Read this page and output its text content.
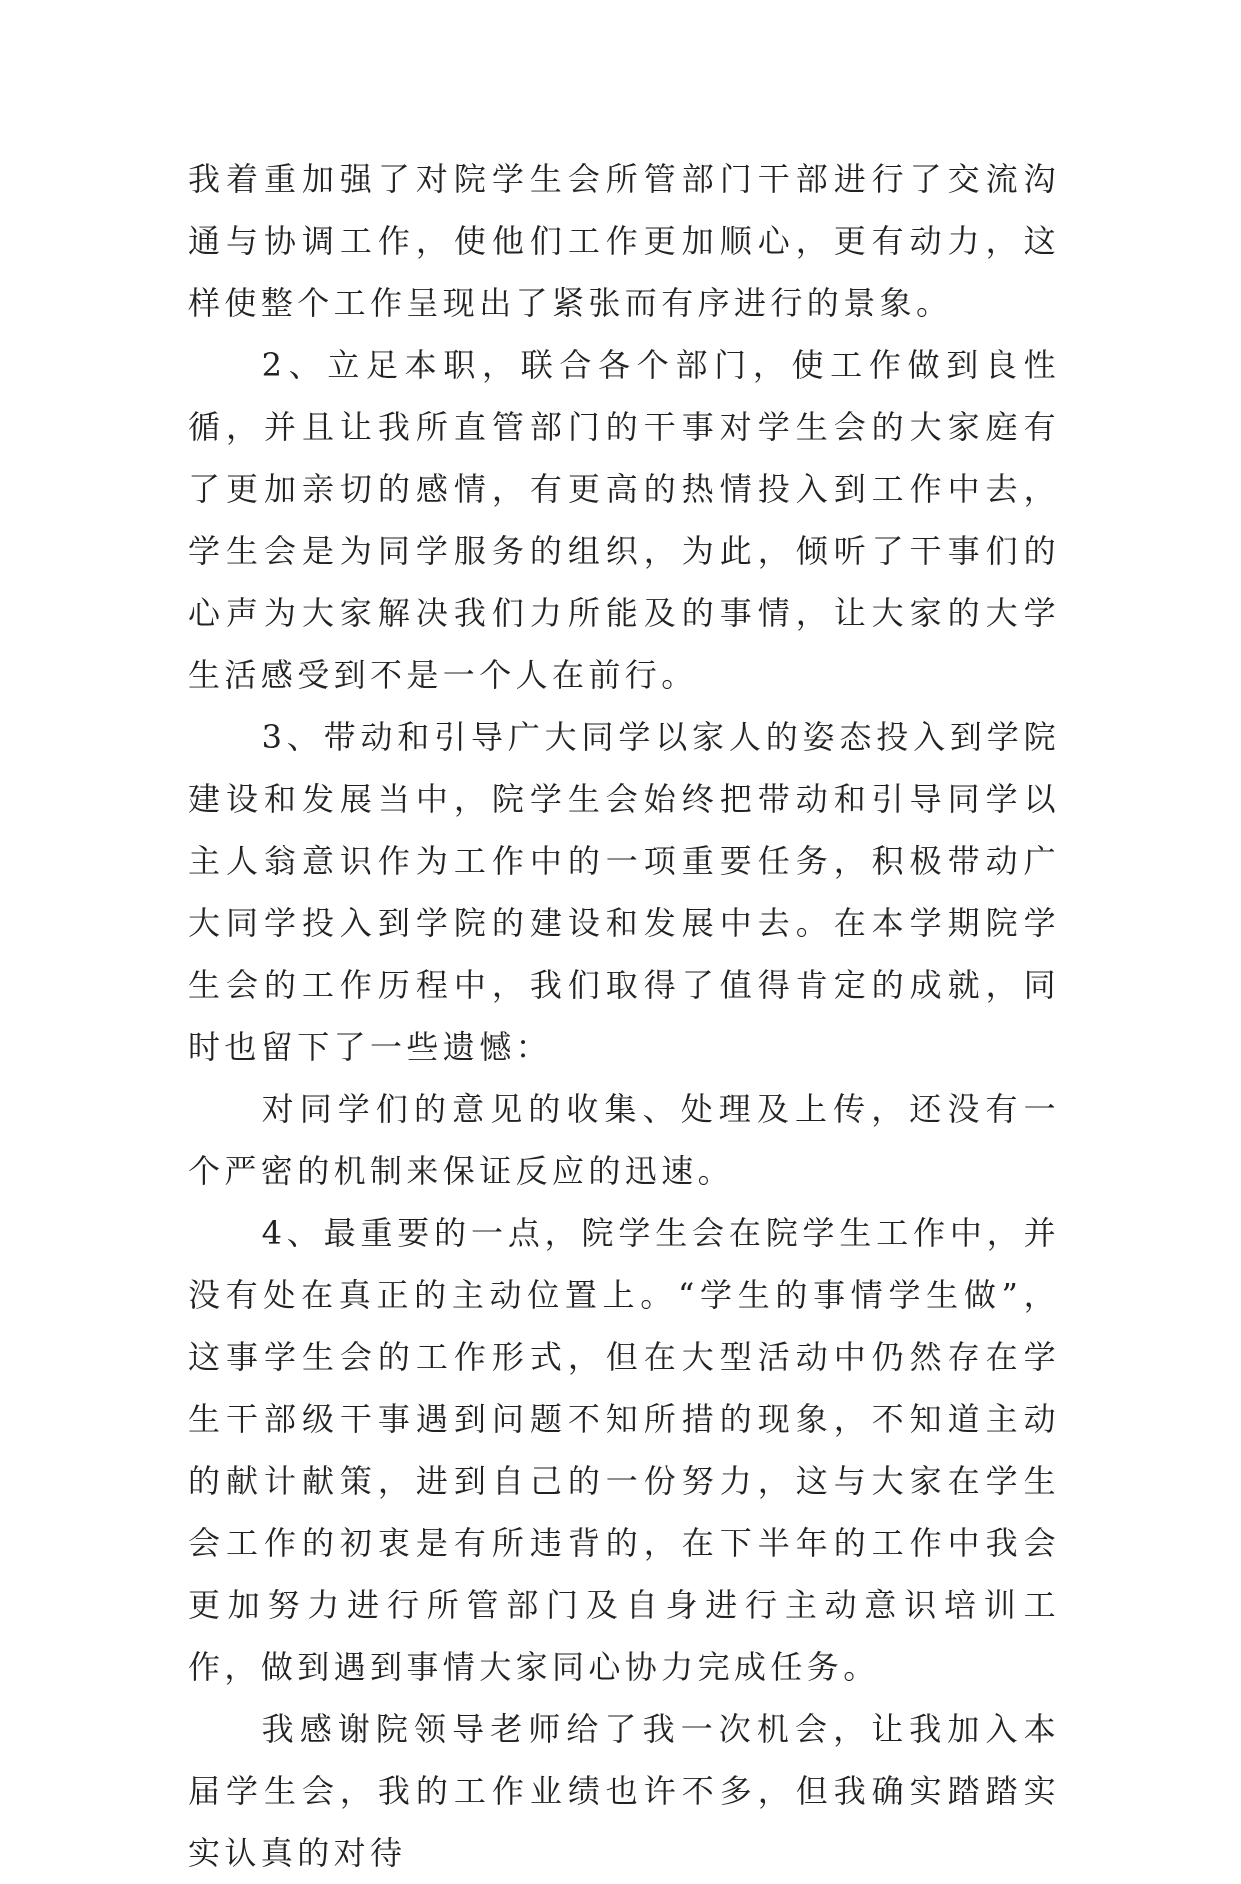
我着重加强了对院学生会所管部门干部进行了交流沟通与协调工作，使他们工作更加顺心，更有动力，这样使整个工作呈现出了紧张而有序进行的景象。

2、立足本职，联合各个部门，使工作做到良性循，并且让我所直管部门的干事对学生会的大家庭有了更加亲切的感情，有更高的热情投入到工作中去，学生会是为同学服务的组织，为此，倾听了干事们的心声为大家解决我们力所能及的事情，让大家的大学生活感受到不是一个人在前行。

3、带动和引导广大同学以家人的姿态投入到学院建设和发展当中，院学生会始终把带动和引导同学以主人翁意识作为工作中的一项重要任务，积极带动广大同学投入到学院的建设和发展中去。在本学期院学生会的工作历程中，我们取得了值得肯定的成就，同时也留下了一些遗憾：

对同学们的意见的收集、处理及上传，还没有一个严密的机制来保证反应的迅速。

4、最重要的一点，院学生会在院学生工作中，并没有处在真正的主动位置上。“学生的事情学生做”，这事学生会的工作形式，但在大型活动中仍然存在学生干部级干事遇到问题不知所措的现象，不知道主动的献计献策，进到自己的一份努力，这与大家在学生会工作的初衷是有所违背的，在下半年的工作中我会更加努力进行所管部门及自身进行主动意识培训工作，做到遇到事情大家同心协力完成任务。

我感谢院领导老师给了我一次机会，让我加入本届学生会，我的工作业绩也许不多，但我确实踏踏实实认真的对待
